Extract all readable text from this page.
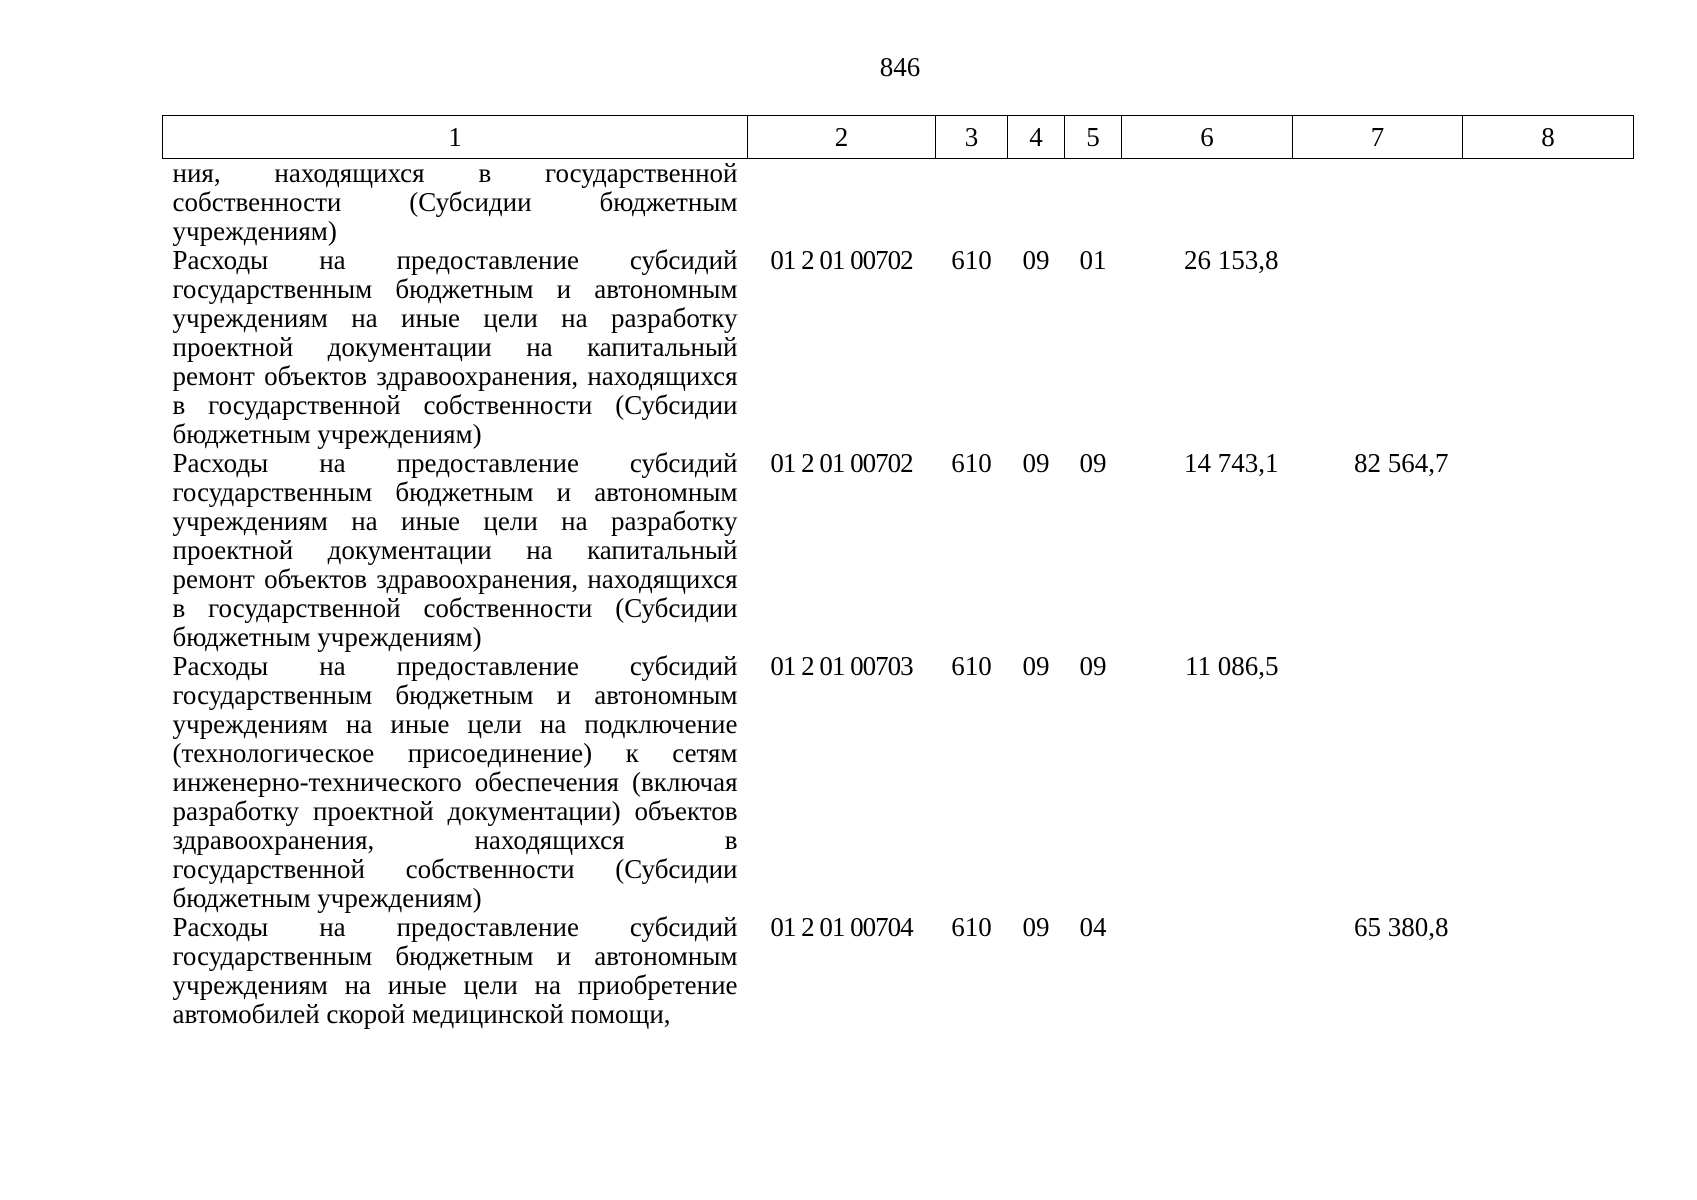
846
1	2	3	4	5	6	7	8

ния, находящихся в государственной собственности (Субсидии бюджетным учреждениям)							

Расходы на предоставление субсидий государственным бюджетным и автономным учреждениям на иные цели на разработку проектной документации на капитальный ремонт объектов здравоохранения, находящихся в государственной собственности (Субсидии бюджетным учреждениям)	01 2 01 00702	610	09	01	26 153,8		

Расходы на предоставление субсидий государственным бюджетным и автономным учреждениям на иные цели на разработку проектной документации на капитальный ремонт объектов здравоохранения, находящихся в государственной собственности (Субсидии бюджетным учреждениям)	01 2 01 00702	610	09	09	14 743,1	82 564,7	

Расходы на предоставление субсидий государственным бюджетным и автономным учреждениям на иные цели на подключение (технологическое присоединение) к сетям инженерно-технического обеспечения (включая разработку проектной документации) объектов здравоохранения, находящихся в государственной собственности (Субсидии бюджетным учреждениям)	01 2 01 00703	610	09	09	11 086,5		

Расходы на предоставление субсидий государственным бюджетным и автономным учреждениям на иные цели на приобретение автомобилей скорой медицинской помощи,	01 2 01 00704	610	09	04		65 380,8	
